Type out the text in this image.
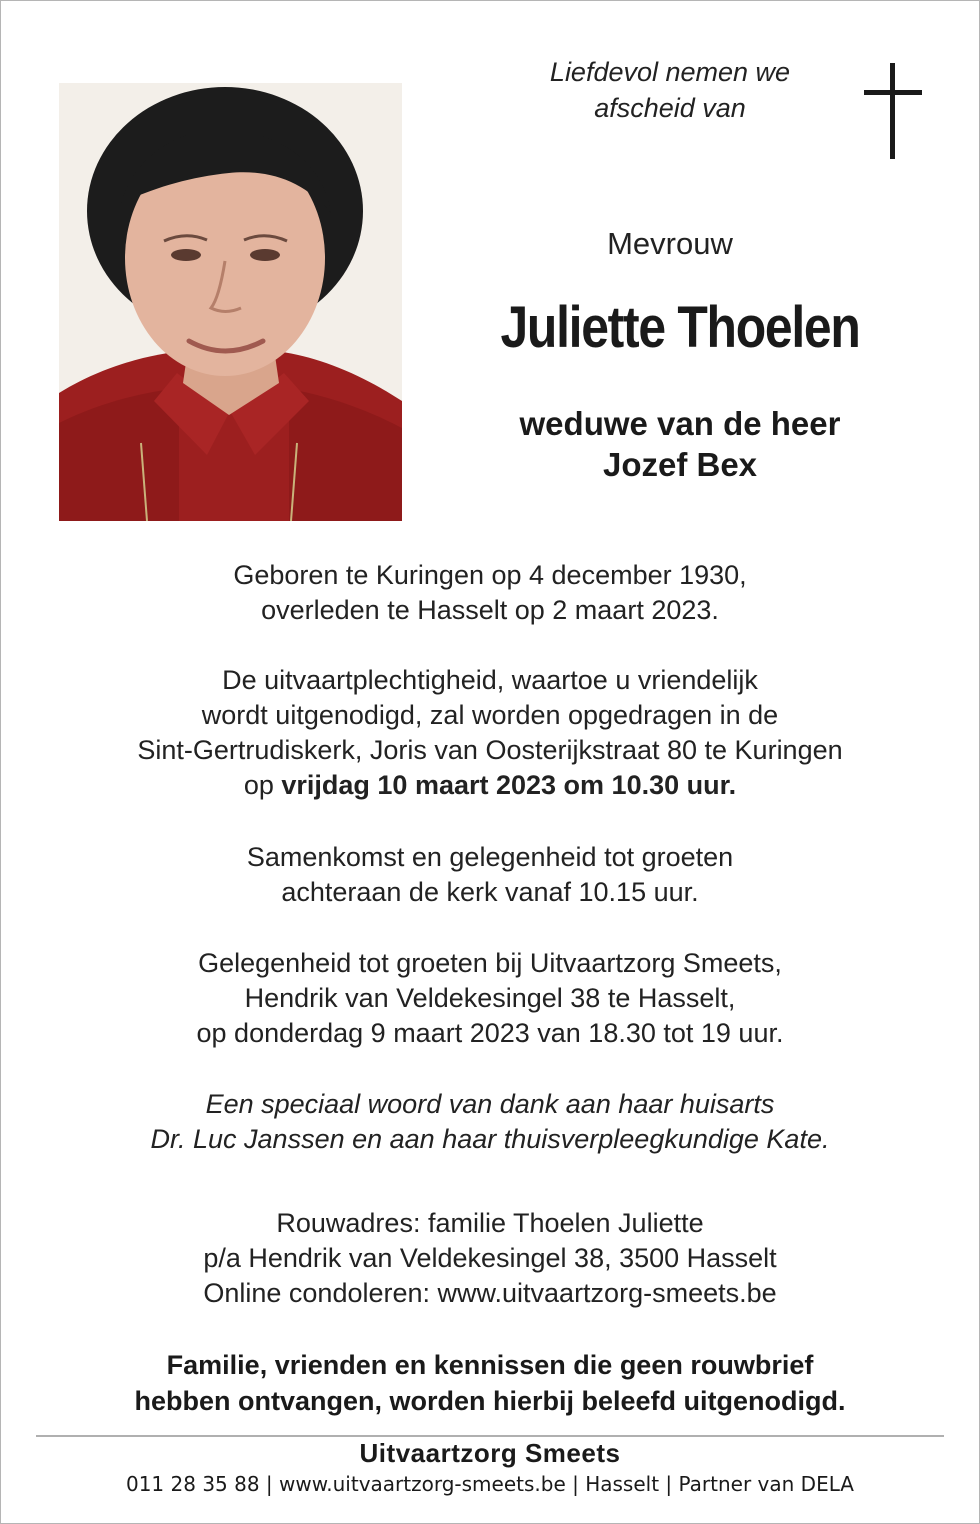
Liefdevol nemen we
afscheid van
Mevrouw
Juliette Thoelen
weduwe van de heer
Jozef Bex
Geboren te Kuringen op 4 december 1930,
overleden te Hasselt op 2 maart 2023.
De uitvaartplechtigheid, waartoe u vriendelijk
wordt uitgenodigd, zal worden opgedragen in de
Sint-Gertrudiskerk, Joris van Oosterijkstraat 80 te Kuringen
op vrijdag 10 maart 2023 om 10.30 uur.
Samenkomst en gelegenheid tot groeten
achteraan de kerk vanaf 10.15 uur.
Gelegenheid tot groeten bij Uitvaartzorg Smeets,
Hendrik van Veldekesingel 38 te Hasselt,
op donderdag 9 maart 2023 van 18.30 tot 19 uur.
Een speciaal woord van dank aan haar huisarts
Dr. Luc Janssen en aan haar thuisverpleegkundige Kate.
Rouwadres: familie Thoelen Juliette
p/a Hendrik van Veldekesingel 38, 3500 Hasselt
Online condoleren: www.uitvaartzorg-smeets.be
Familie, vrienden en kennissen die geen rouwbrief
hebben ontvangen, worden hierbij beleefd uitgenodigd.
Uitvaartzorg Smeets
011 28 35 88 | www.uitvaartzorg-smeets.be | Hasselt | Partner van DELA
